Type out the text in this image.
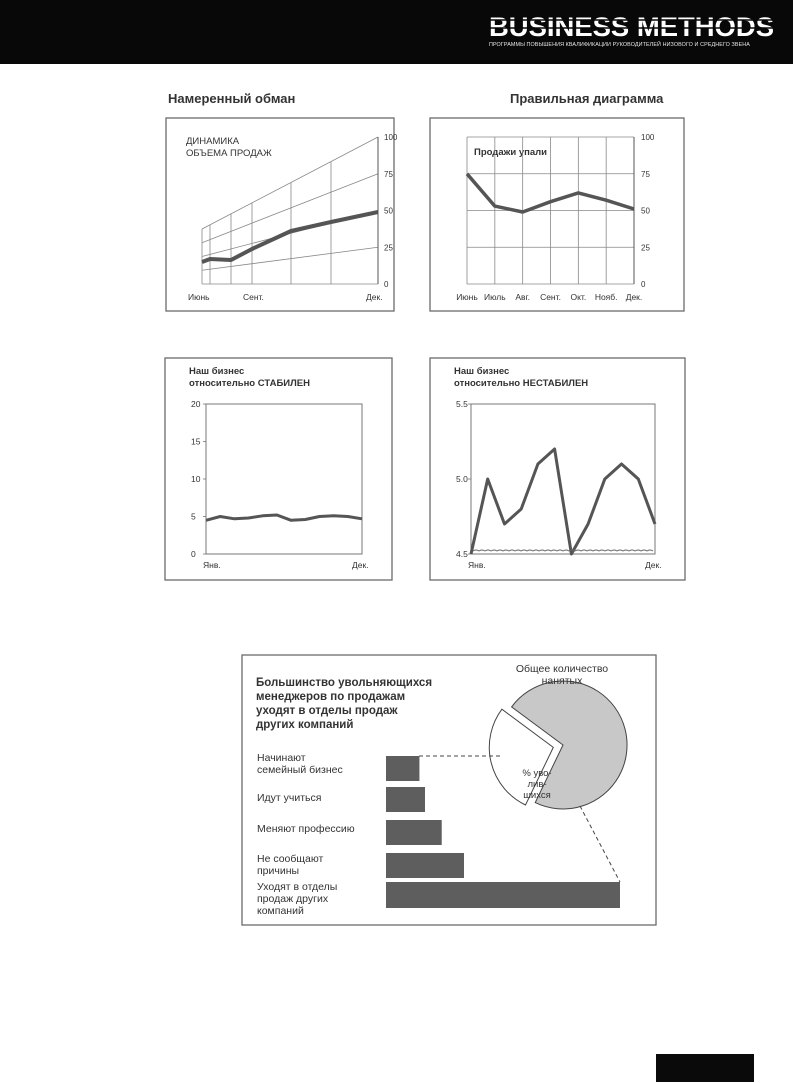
BUSINESS METHODS
ПРОГРАММЫ ПОВЫШЕНИЯ КВАЛИФИКАЦИИ РУКОВОДИТЕЛЕЙ НИЗОВОГО И СРЕДНЕГО ЗВЕНА
Намеренный обман	Правильная диаграмма
ДИНАМИКА
ОБЪЕМА ПРОДАЖ
100
75
50
25
0
Июнь	Сент.	Дек.
Продажи упали
100
75
50
25
0
Июнь Июль Авг. Сент. Окт. Нояб. Дек.
Наш бизнес
относительно СТАБИЛЕН
20
15
10
5
0
Янв.	Дек.
Наш бизнес
относительно НЕСТАБИЛЕН
5.5
5.0
4.5
Янв.	Дек.
Большинство увольняющихся
менеджеров по продажам
уходят в отделы продаж
других компаний
Начинают
семейный бизнес
Идут учиться
Меняют профессию
Не сообщают
причины
Уходят в отделы
продаж других
компаний
Общее количество
нанятых
% уво-
лив-
шихся
